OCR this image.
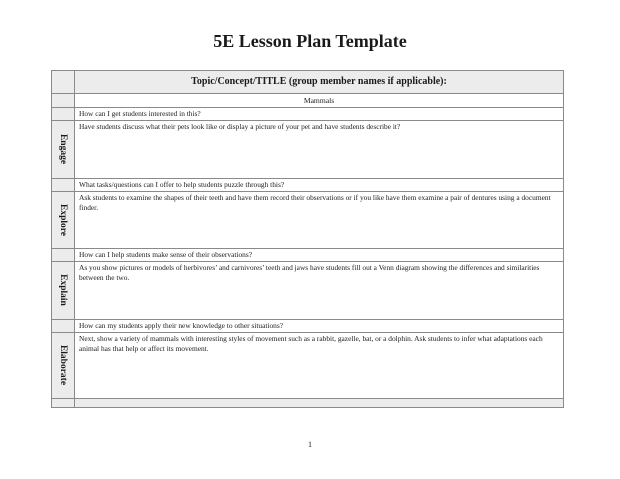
5E Lesson Plan Template
	Topic/Concept/TITLE (group member names if applicable):
	Mammals
	How can I get students interested in this?

Engage	Have students discuss what their pets look like or display a picture of your pet and have students describe it?
	What tasks/questions can I offer to help students puzzle through this?

Explore	Ask students to examine the shapes of their teeth and have them record their observations or if you like have them examine a pair of dentures using a document finder.
	How can I help students make sense of their observations?

Explain	As you show pictures or models of herbivores’ and carnivores’ teeth and jaws have students fill out a Venn diagram showing the differences and similarities between the two.
	How can my students apply their new knowledge to other situations?

Elaborate	Next, show a variety of mammals with interesting styles of movement such as a rabbit, gazelle, bat, or a dolphin. Ask students to infer what adaptations each animal has that help or affect its movement.

1
